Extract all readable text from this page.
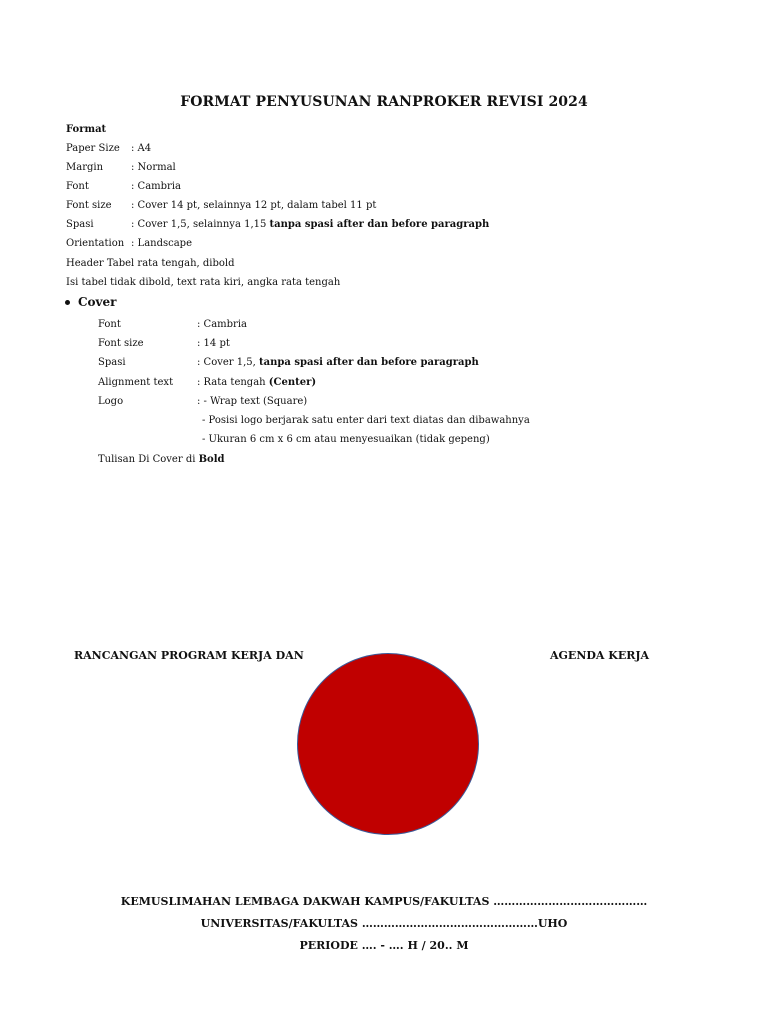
FORMAT PENYUSUNAN RANPROKER REVISI 2024
Format
Paper Size : A4
Margin	: Normal
Font	: Cambria
Font size : Cover 14 pt, selainnya 12 pt, dalam tabel 11 pt
Spasi	: Cover 1,5, selainnya 1,15 tanpa spasi after dan before paragraph
Orientation : Landscape
Header Tabel rata tengah, dibold
Isi tabel tidak dibold, text rata kiri, angka rata tengah
Cover
Font	: Cambria
Font size	: 14 pt
Spasi	: Cover 1,5, tanpa spasi after dan before paragraph
Alignment text : Rata tengah (Center)
Logo	: - Wrap text (Square)
- Posisi logo berjarak satu enter dari text diatas dan dibawahnya
- Ukuran 6 cm x 6 cm atau menyesuaikan (tidak gepeng)
Tulisan Di Cover di Bold
RANCANGAN PROGRAM KERJA DAN	AGENDA KERJA
KEMUSLIMAHAN LEMBAGA DAKWAH KAMPUS/FAKULTAS ……………………………………
UNIVERSITAS/FAKULTAS …………………………………………UHO
PERIODE …. - …. H / 20.. M
